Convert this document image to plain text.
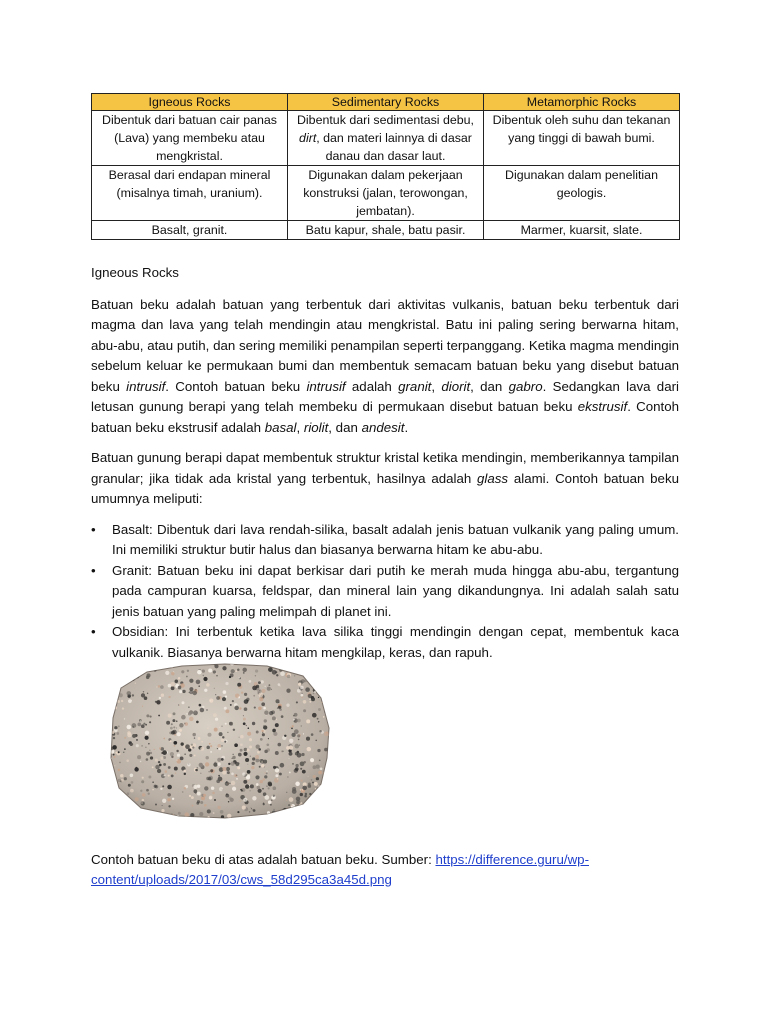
Igneous Rocks	Sedimentary Rocks	Metamorphic Rocks
Dibentuk dari batuan cair panas (Lava) yang membeku atau mengkristal.	Dibentuk dari sedimentasi debu, dirt, dan materi lainnya di dasar danau dan dasar laut.	Dibentuk oleh suhu dan tekanan yang tinggi di bawah bumi.
Berasal dari endapan mineral (misalnya timah, uranium).	Digunakan dalam pekerjaan konstruksi (jalan, terowongan, jembatan).	Digunakan dalam penelitian geologis.
Basalt, granit.	Batu kapur, shale, batu pasir.	Marmer, kuarsit, slate.

Igneous Rocks

Batuan beku adalah batuan yang terbentuk dari aktivitas vulkanis, batuan beku terbentuk dari magma dan lava yang telah mendingin atau mengkristal. Batu ini paling sering berwarna hitam, abu-abu, atau putih, dan sering memiliki penampilan seperti terpanggang. Ketika magma mendingin sebelum keluar ke permukaan bumi dan membentuk semacam batuan beku yang disebut batuan beku intrusif. Contoh batuan beku intrusif adalah granit, diorit, dan gabro. Sedangkan lava dari letusan gunung berapi yang telah membeku di permukaan disebut batuan beku ekstrusif. Contoh batuan beku ekstrusif adalah basal, riolit, dan andesit.

Batuan gunung berapi dapat membentuk struktur kristal ketika mendingin, memberikannya tampilan granular; jika tidak ada kristal yang terbentuk, hasilnya adalah glass alami. Contoh batuan beku umumnya meliputi:

• Basalt: Dibentuk dari lava rendah-silika, basalt adalah jenis batuan vulkanik yang paling umum. Ini memiliki struktur butir halus dan biasanya berwarna hitam ke abu-abu.
• Granit: Batuan beku ini dapat berkisar dari putih ke merah muda hingga abu-abu, tergantung pada campuran kuarsa, feldspar, dan mineral lain yang dikandungnya. Ini adalah salah satu jenis batuan yang paling melimpah di planet ini.
• Obsidian: Ini terbentuk ketika lava silika tinggi mendingin dengan cepat, membentuk kaca vulkanik. Biasanya berwarna hitam mengkilap, keras, dan rapuh.
Contoh batuan beku di atas adalah batuan beku. Sumber: https://difference.guru/wp-content/uploads/2017/03/cws_58d295ca3a45d.png
